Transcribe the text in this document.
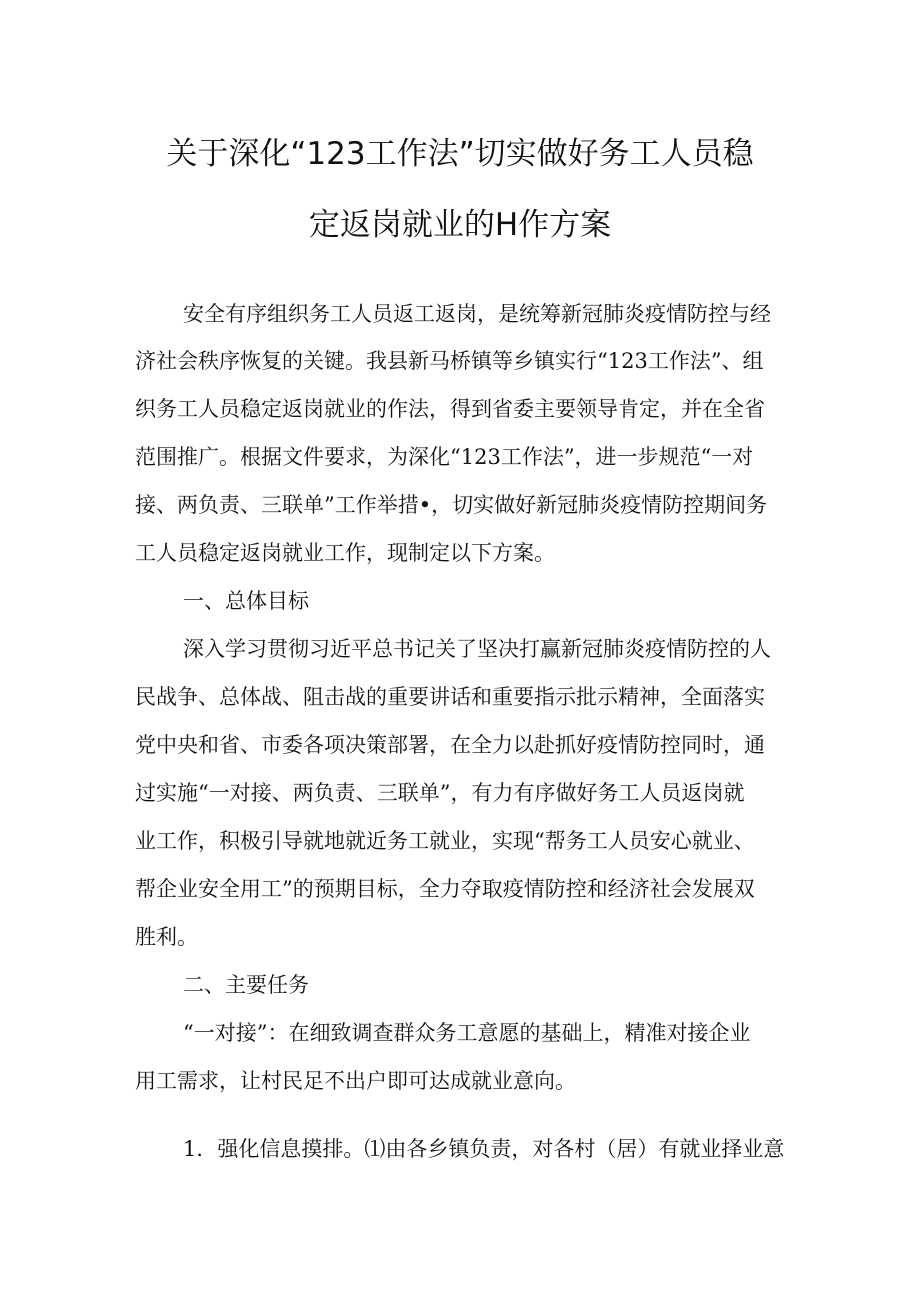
关于深化“123工作法”切实做好务工人员稳
定返岗就业的H作方案
安全有序组织务工人员返工返岗，是统筹新冠肺炎疫情防控与经
济社会秩序恢复的关键。我县新马桥镇等乡镇实行“123工作法”、组
织务工人员稳定返岗就业的作法，得到省委主要领导肯定，并在全省
范围推广。根据文件要求，为深化“123工作法”，进一步规范“一对
接、两负责、三联单”工作举措•，切实做好新冠肺炎疫情防控期间务
工人员稳定返岗就业工作，现制定以下方案。
一、总体目标
深入学习贯彻习近平总书记关了坚决打赢新冠肺炎疫情防控的人
民战争、总体战、阻击战的重要讲话和重要指示批示精神，全面落实
党中央和省、市委各项决策部署，在全力以赴抓好疫情防控同时，通
过实施“一对接、两负责、三联单”，有力有序做好务工人员返岗就
业工作，积极引导就地就近务工就业，实现“帮务工人员安心就业、
帮企业安全用工”的预期目标，全力夺取疫情防控和经济社会发展双
胜利。
二、主要任务
“一对接”：在细致调查群众务工意愿的基础上，精准对接企业
用工需求，让村民足不出户即可达成就业意向。
1．强化信息摸排。⑴由各乡镇负责，对各村（居）有就业择业意
